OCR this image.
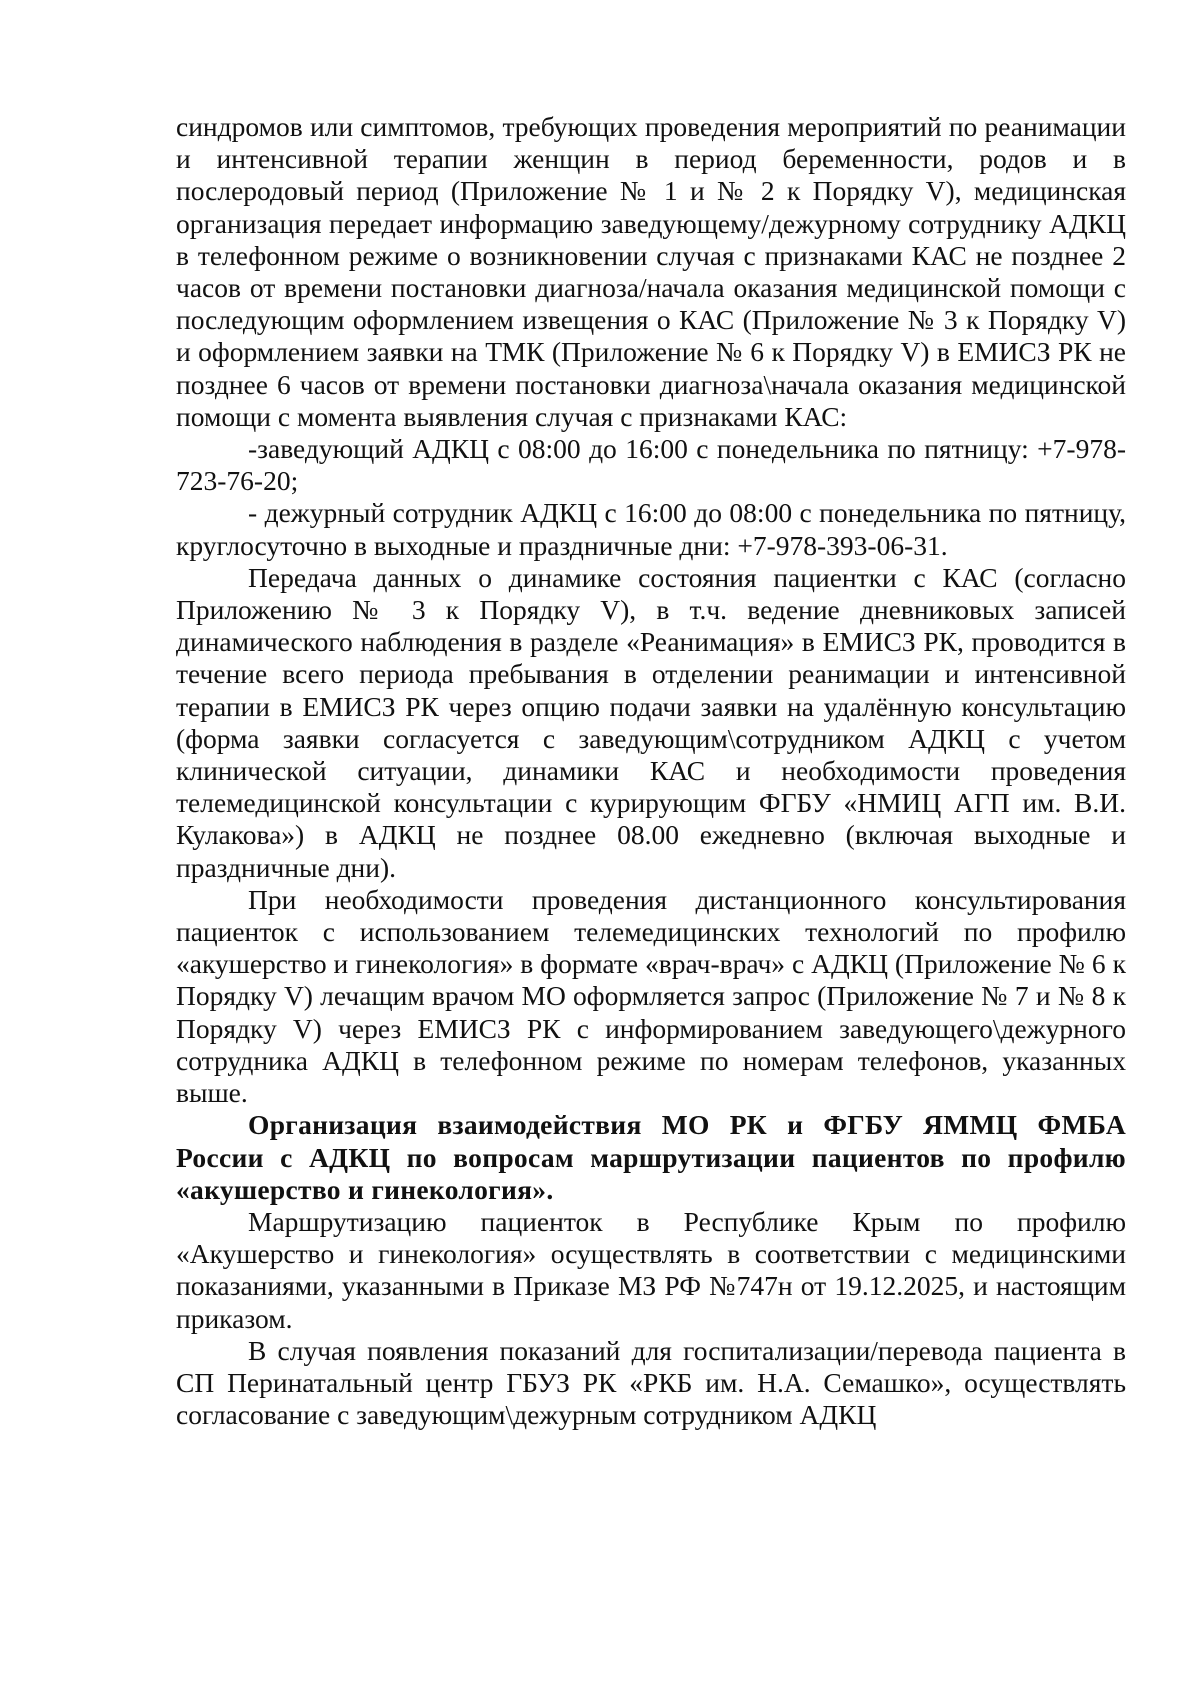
синдромов или симптомов, требующих проведения мероприятий по реанимации и интенсивной терапии женщин в период беременности, родов и в послеродовый период (Приложение № 1 и № 2 к Порядку V), медицинская организация передает информацию заведующему/дежурному сотруднику АДКЦ в телефонном режиме о возникновении случая с признаками КАС не позднее 2 часов от времени постановки диагноза/начала оказания медицинской помощи с последующим оформлением извещения о КАС (Приложение № 3 к Порядку V) и оформлением заявки на ТМК (Приложение № 6 к Порядку V) в ЕМИСЗ РК не позднее 6 часов от времени постановки диагноза\начала оказания медицинской помощи с момента выявления случая с признаками КАС:

-заведующий АДКЦ с 08:00 до 16:00 с понедельника по пятницу: +7-978-723-76-20;

- дежурный сотрудник АДКЦ с 16:00 до 08:00 с понедельника по пятницу, круглосуточно в выходные и праздничные дни: +7-978-393-06-31.

Передача данных о динамике состояния пациентки с КАС (согласно Приложению № 3 к Порядку V), в т.ч. ведение дневниковых записей динамического наблюдения в разделе «Реанимация» в ЕМИСЗ РК, проводится в течение всего периода пребывания в отделении реанимации и интенсивной терапии в ЕМИСЗ РК через опцию подачи заявки на удалённую консультацию (форма заявки согласуется с заведующим\сотрудником АДКЦ с учетом клинической ситуации, динамики КАС и необходимости проведения телемедицинской консультации с курирующим ФГБУ «НМИЦ АГП им. В.И. Кулакова») в АДКЦ не позднее 08.00 ежедневно (включая выходные и праздничные дни).

При необходимости проведения дистанционного консультирования пациенток с использованием телемедицинских технологий по профилю «акушерство и гинекология» в формате «врач-врач» с АДКЦ (Приложение № 6 к Порядку V) лечащим врачом МО оформляется запрос (Приложение № 7 и № 8 к Порядку V) через ЕМИСЗ РК с информированием заведующего\дежурного сотрудника АДКЦ в телефонном режиме по номерам телефонов, указанных выше.

Организация взаимодействия МО РК и ФГБУ ЯММЦ ФМБА России с АДКЦ по вопросам маршрутизации пациентов по профилю «акушерство и гинекология».

Маршрутизацию пациенток в Республике Крым по профилю «Акушерство и гинекология» осуществлять в соответствии с медицинскими показаниями, указанными в Приказе МЗ РФ №747н от 19.12.2025, и настоящим приказом.

В случая появления показаний для госпитализации/перевода пациента в СП Перинатальный центр ГБУЗ РК «РКБ им. Н.А. Семашко», осуществлять согласование с заведующим\дежурным сотрудником АДКЦ
